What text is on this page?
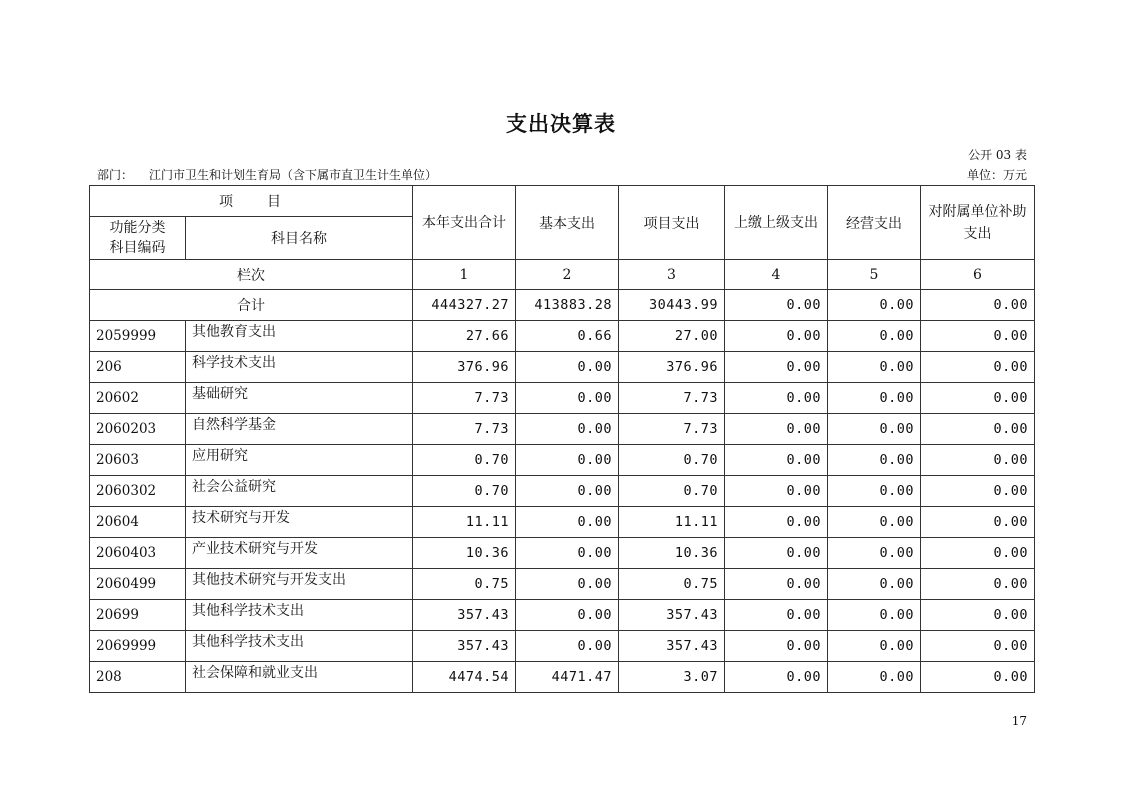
支出决算表
公开 03 表
部门： 江门市卫生和计划生育局（含下属市直卫生计生单位）	单位：万元
项　　目		本年支出合计	基本支出	项目支出	上缴上级支出	经营支出	对附属单位补助支出
功能分类
科目编码	科目名称						
栏次		1	2	3	4	5	6
合计		444327.27	413883.28	30443.99	0.00	0.00	0.00
2059999	其他教育支出	27.66	0.66	27.00	0.00	0.00	0.00
206	科学技术支出	376.96	0.00	376.96	0.00	0.00	0.00
20602	基础研究	7.73	0.00	7.73	0.00	0.00	0.00
2060203	自然科学基金	7.73	0.00	7.73	0.00	0.00	0.00
20603	应用研究	0.70	0.00	0.70	0.00	0.00	0.00
2060302	社会公益研究	0.70	0.00	0.70	0.00	0.00	0.00
20604	技术研究与开发	11.11	0.00	11.11	0.00	0.00	0.00
2060403	产业技术研究与开发	10.36	0.00	10.36	0.00	0.00	0.00
2060499	其他技术研究与开发支出	0.75	0.00	0.75	0.00	0.00	0.00
20699	其他科学技术支出	357.43	0.00	357.43	0.00	0.00	0.00
2069999	其他科学技术支出	357.43	0.00	357.43	0.00	0.00	0.00
208	社会保障和就业支出	4474.54	4471.47	3.07	0.00	0.00	0.00
17
